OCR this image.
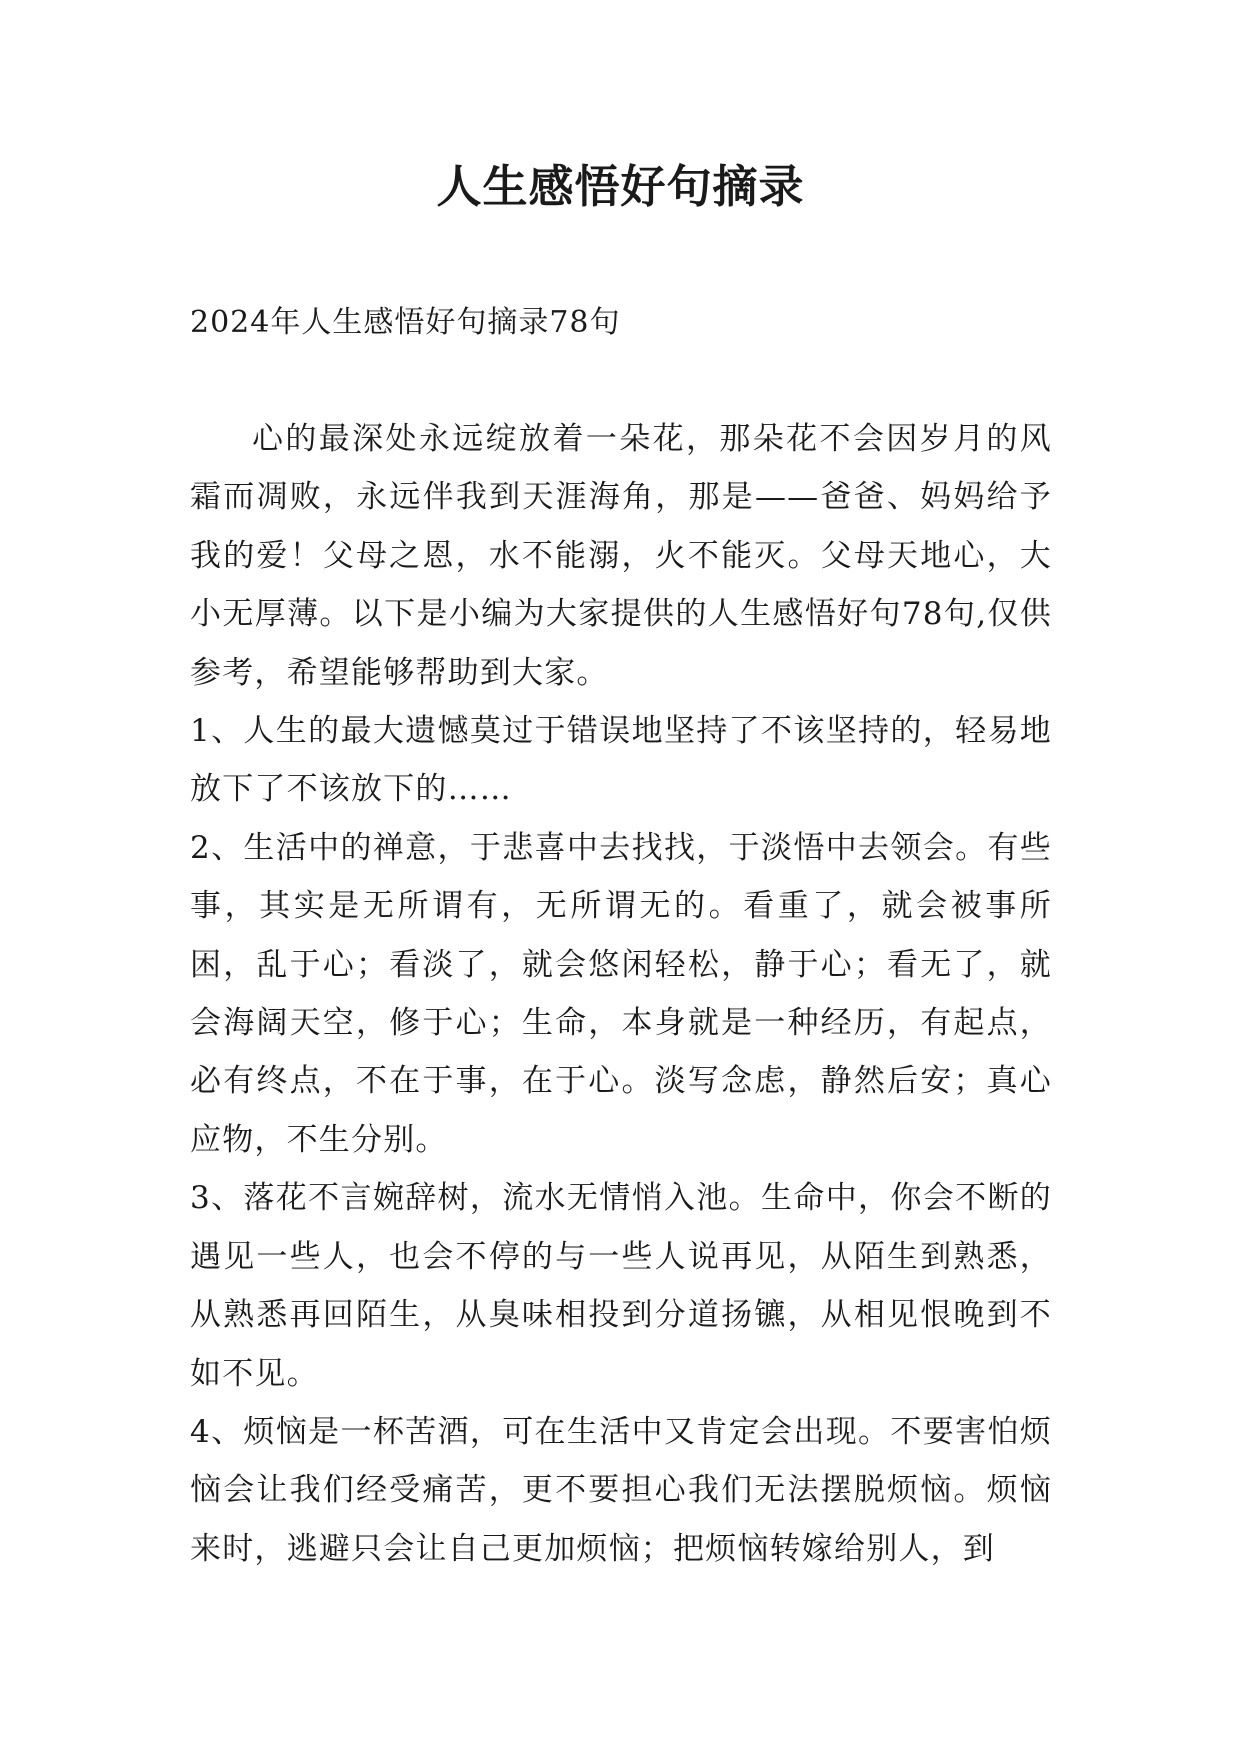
人生感悟好句摘录
2024年人生感悟好句摘录78句

心的最深处永远绽放着一朵花，那朵花不会因岁月的风霜而凋败，永远伴我到天涯海角，那是——爸爸、妈妈给予我的爱！父母之恩，水不能溺，火不能灭。父母天地心，大小无厚薄。以下是小编为大家提供的人生感悟好句78句,仅供参考，希望能够帮助到大家。

1、人生的最大遗憾莫过于错误地坚持了不该坚持的，轻易地放下了不该放下的……

2、生活中的禅意，于悲喜中去找找，于淡悟中去领会。有些事，其实是无所谓有，无所谓无的。看重了，就会被事所困，乱于心；看淡了，就会悠闲轻松，静于心；看无了，就会海阔天空，修于心；生命，本身就是一种经历，有起点，必有终点，不在于事，在于心。淡写念虑，静然后安；真心应物，不生分别。

3、落花不言婉辞树，流水无情悄入池。生命中，你会不断的遇见一些人，也会不停的与一些人说再见，从陌生到熟悉，从熟悉再回陌生，从臭味相投到分道扬镳，从相见恨晚到不如不见。

4、烦恼是一杯苦酒，可在生活中又肯定会出现。不要害怕烦恼会让我们经受痛苦，更不要担心我们无法摆脱烦恼。烦恼来时，逃避只会让自己更加烦恼；把烦恼转嫁给别人，到
